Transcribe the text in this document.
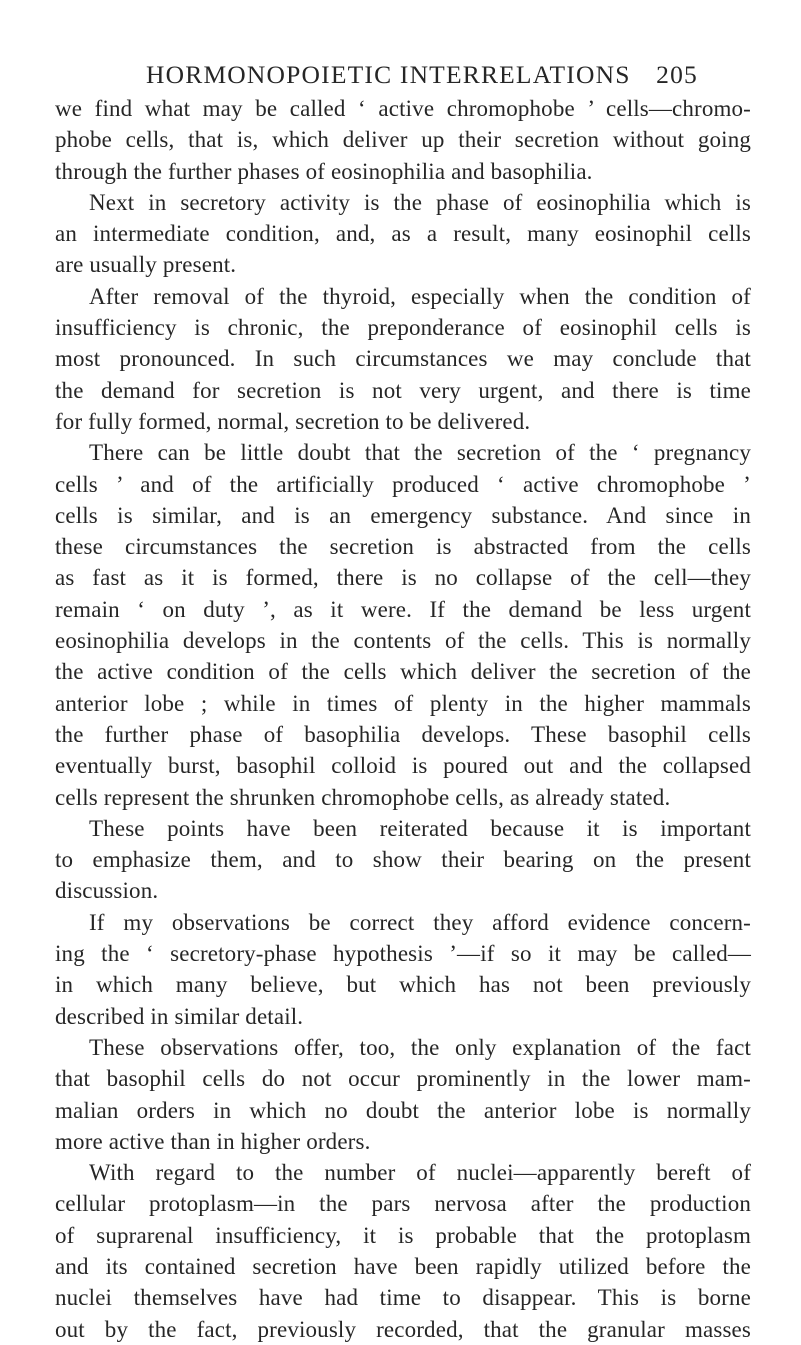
HORMONOPOIETIC INTERRELATIONS 205
we find what may be called ‘ active chromophobe ’ cells—chromo-
phobe cells, that is, which deliver up their secretion without going
through the further phases of eosinophilia and basophilia.
Next in secretory activity is the phase of eosinophilia which is
an intermediate condition, and, as a result, many eosinophil cells
are usually present.
After removal of the thyroid, especially when the condition of
insufficiency is chronic, the preponderance of eosinophil cells is
most pronounced. In such circumstances we may conclude that
the demand for secretion is not very urgent, and there is time
for fully formed, normal, secretion to be delivered.
There can be little doubt that the secretion of the ‘ pregnancy
cells ’ and of the artificially produced ‘ active chromophobe ’
cells is similar, and is an emergency substance. And since in
these circumstances the secretion is abstracted from the cells
as fast as it is formed, there is no collapse of the cell—they
remain ‘ on duty ’, as it were. If the demand be less urgent
eosinophilia develops in the contents of the cells. This is normally
the active condition of the cells which deliver the secretion of the
anterior lobe ; while in times of plenty in the higher mammals
the further phase of basophilia develops. These basophil cells
eventually burst, basophil colloid is poured out and the collapsed
cells represent the shrunken chromophobe cells, as already stated.
These points have been reiterated because it is important
to emphasize them, and to show their bearing on the present
discussion.
If my observations be correct they afford evidence concern-
ing the ‘ secretory-phase hypothesis ’—if so it may be called—
in which many believe, but which has not been previously
described in similar detail.
These observations offer, too, the only explanation of the fact
that basophil cells do not occur prominently in the lower mam-
malian orders in which no doubt the anterior lobe is normally
more active than in higher orders.
With regard to the number of nuclei—apparently bereft of
cellular protoplasm—in the pars nervosa after the production
of suprarenal insufficiency, it is probable that the protoplasm
and its contained secretion have been rapidly utilized before the
nuclei themselves have had time to disappear. This is borne
out by the fact, previously recorded, that the granular masses
